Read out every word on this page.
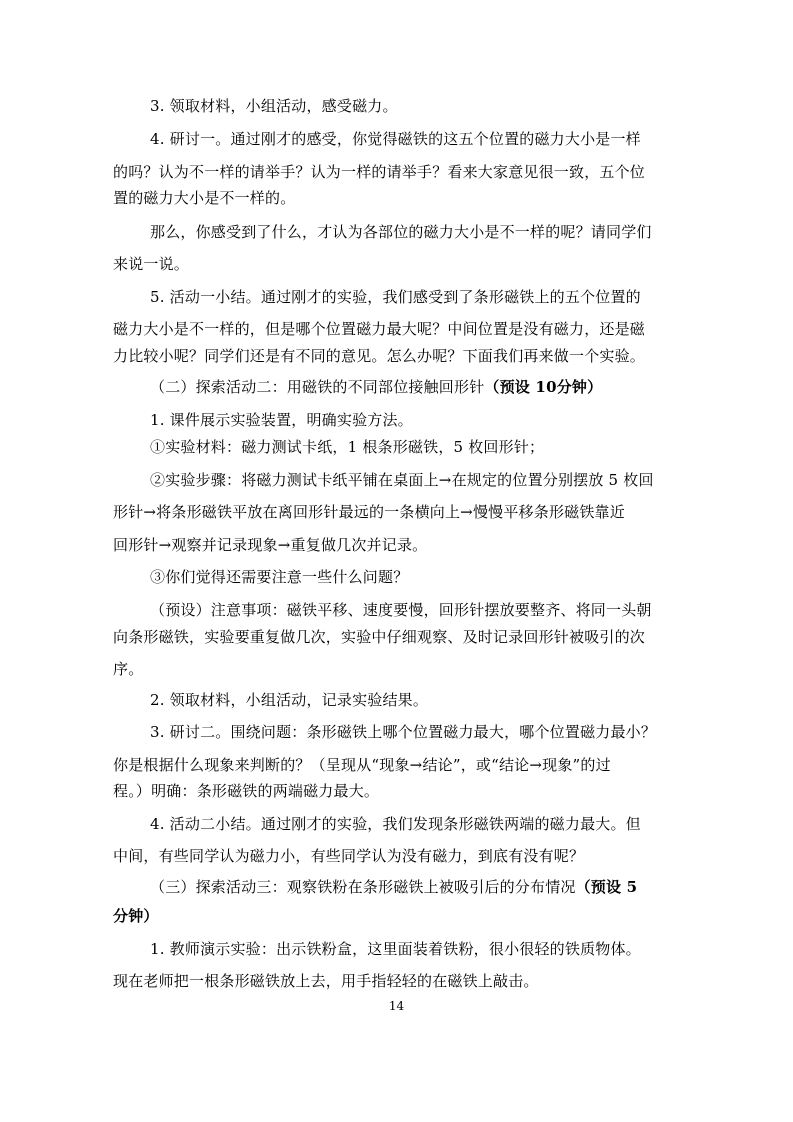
3. 领取材料，小组活动，感受磁力。
4. 研讨一。通过刚才的感受，你觉得磁铁的这五个位置的磁力大小是一样
的吗？认为不一样的请举手？认为一样的请举手？看来大家意见很一致，五个位
置的磁力大小是不一样的。
那么，你感受到了什么，才认为各部位的磁力大小是不一样的呢？请同学们
来说一说。
5. 活动一小结。通过刚才的实验，我们感受到了条形磁铁上的五个位置的
磁力大小是不一样的，但是哪个位置磁力最大呢？中间位置是没有磁力，还是磁
力比较小呢？同学们还是有不同的意见。怎么办呢？下面我们再来做一个实验。
（二）探索活动二：用磁铁的不同部位接触回形针（预设 10分钟）
1. 课件展示实验装置，明确实验方法。
①实验材料：磁力测试卡纸，1 根条形磁铁，5 枚回形针；
②实验步骤：将磁力测试卡纸平铺在桌面上→在规定的位置分别摆放 5 枚回
形针→将条形磁铁平放在离回形针最远的一条横向上→慢慢平移条形磁铁靠近
回形针→观察并记录现象→重复做几次并记录。
③你们觉得还需要注意一些什么问题？
（预设）注意事项：磁铁平移、速度要慢，回形针摆放要整齐、将同一头朝
向条形磁铁，实验要重复做几次，实验中仔细观察、及时记录回形针被吸引的次
序。
2. 领取材料，小组活动，记录实验结果。
3. 研讨二。围绕问题：条形磁铁上哪个位置磁力最大，哪个位置磁力最小？
你是根据什么现象来判断的？（呈现从“现象→结论”，或“结论→现象”的过
程。）明确：条形磁铁的两端磁力最大。
4. 活动二小结。通过刚才的实验，我们发现条形磁铁两端的磁力最大。但
中间，有些同学认为磁力小，有些同学认为没有磁力，到底有没有呢？
（三）探索活动三：观察铁粉在条形磁铁上被吸引后的分布情况（预设 5
分钟）
1. 教师演示实验：出示铁粉盒，这里面装着铁粉，很小很轻的铁质物体。
现在老师把一根条形磁铁放上去，用手指轻轻的在磁铁上敲击。
14
